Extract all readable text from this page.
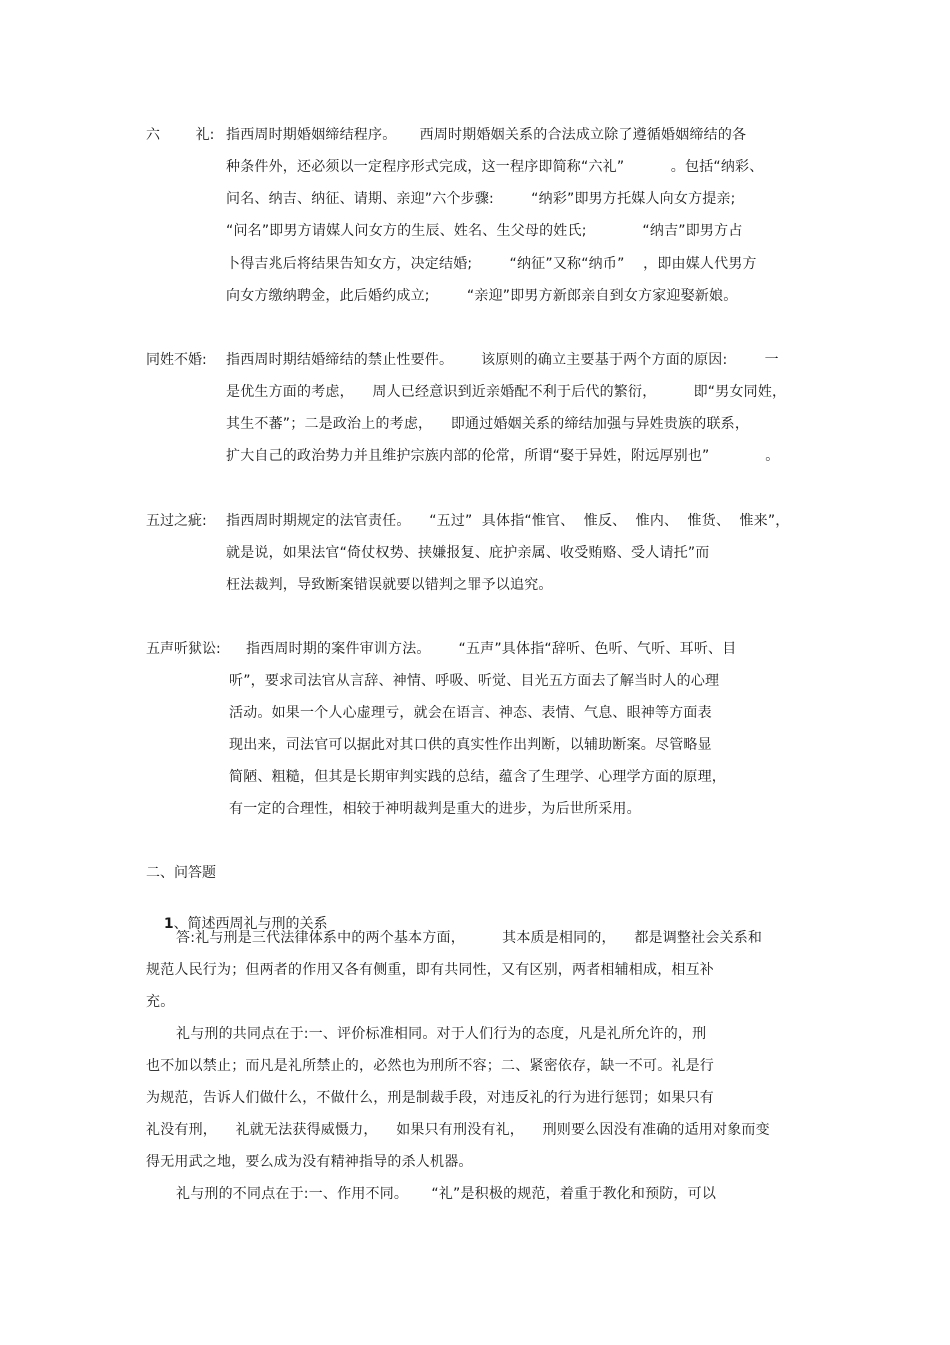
六        礼: 指西周时期婚姻缔结程序。     西周时期婚姻关系的合法成立除了遵循婚姻缔结的各
种条件外，还必须以一定程序形式完成，这一程序即简称“六礼”          。包括“纳彩、
问名、纳吉、纳征、请期、亲迎”六个步骤:        “纳彩”即男方托媒人向女方提亲;
“问名”即男方请媒人问女方的生辰、姓名、生父母的姓氏;            “纳吉”即男方占
卜得吉兆后将结果告知女方，决定结婚;        “纳征”又称“纳币”    ，即由媒人代男方
向女方缴纳聘金，此后婚约成立;        “亲迎”即男方新郎亲自到女方家迎娶新娘。
同姓不婚: 指西周时期结婚缔结的禁止性要件。      该原则的确立主要基于两个方面的原因:        一
是优生方面的考虑，    周人已经意识到近亲婚配不利于后代的繁衍，        即“男女同姓，
其生不蕃”；二是政治上的考虑，    即通过婚姻关系的缔结加强与异姓贵族的联系，
扩大自己的政治势力并且维护宗族内部的伦常，所谓“娶于异姓，附远厚别也”            。
五过之疵: 指西周时期规定的法官责任。    “五过”  具体指“惟官、  惟反、  惟内、  惟货、  惟来”，
就是说，如果法官“倚仗权势、挟嫌报复、庇护亲属、收受贿赂、受人请托”而
枉法裁判，导致断案错误就要以错判之罪予以追究。
五声听狱讼: 指西周时期的案件审训方法。      “五声”具体指“辞听、色听、气听、耳听、目
听”，要求司法官从言辞、神情、呼吸、听觉、目光五方面去了解当时人的心理
活动。如果一个人心虚理亏，就会在语言、神态、表情、气息、眼神等方面表
现出来，司法官可以据此对其口供的真实性作出判断，以辅助断案。尽管略显
简陋、粗糙，但其是长期审判实践的总结，蕴含了生理学、心理学方面的原理，
有一定的合理性，相较于神明裁判是重大的进步，为后世所采用。
二、问答题

1、简述西周礼与刑的关系

答:礼与刑是三代法律体系中的两个基本方面，        其本质是相同的，    都是调整社会关系和
规范人民行为；但两者的作用又各有侧重，即有共同性，又有区别，两者相辅相成，相互补
充。
礼与刑的共同点在于:一、评价标准相同。对于人们行为的态度，凡是礼所允许的，刑
也不加以禁止；而凡是礼所禁止的，必然也为刑所不容；二、紧密依存，缺一不可。礼是行
为规范，告诉人们做什么，不做什么，刑是制裁手段，对违反礼的行为进行惩罚；如果只有
礼没有刑，    礼就无法获得威慑力，    如果只有刑没有礼，    刑则要么因没有准确的适用对象而变
得无用武之地，要么成为没有精神指导的杀人机器。
礼与刑的不同点在于:一、作用不同。     “礼”是积极的规范，着重于教化和预防，可以
